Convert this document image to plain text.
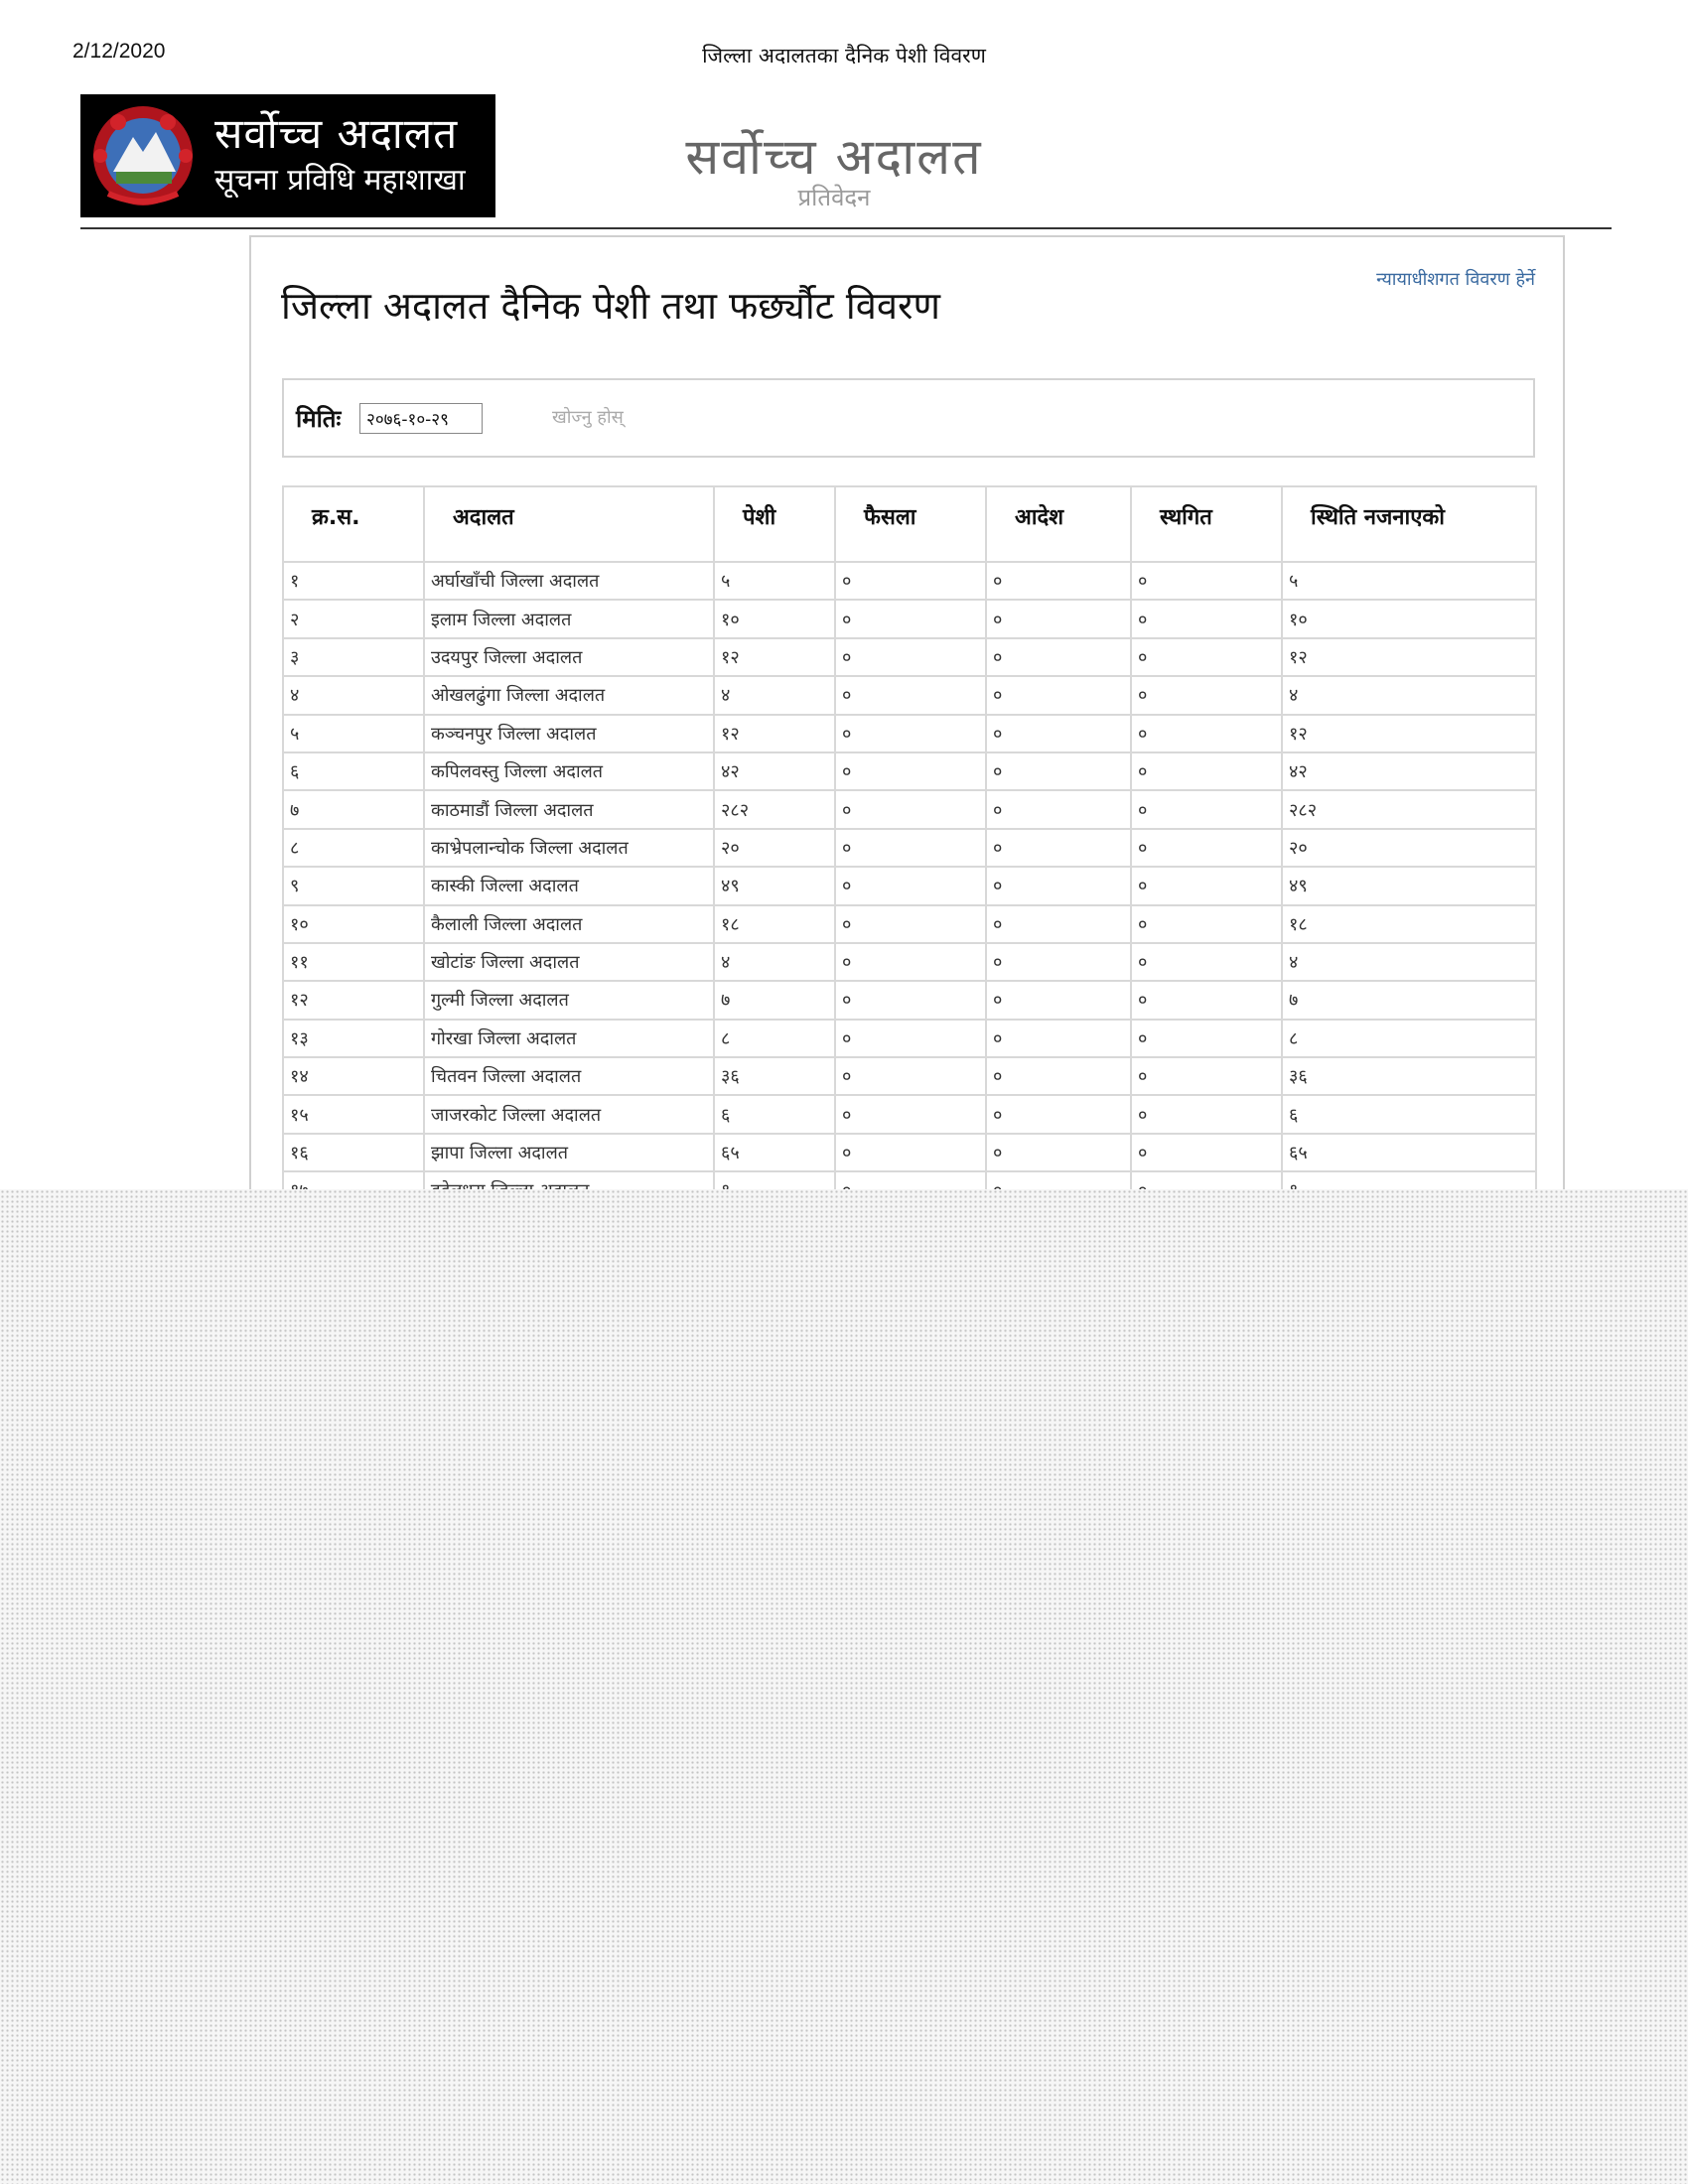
2/12/2020	जिल्ला अदालतका दैनिक पेशी विवरण
सर्वोच्च अदालत
सूचना प्रविधि महाशाखा	सर्वोच्च अदालत
प्रतिवेदन
न्यायाधीशगत विवरण हेर्ने
जिल्ला अदालत दैनिक पेशी तथा फर्छ्यौट विवरण
मितिः
२०७६-१०-२९	खोज्नु होस्
क्र.स.	अदालत	पेशी	फैसला	आदेश	स्थगित	स्थिति नजनाएको
१	अर्घाखाँची जिल्ला अदालत	५	०	०	०	५
२	इलाम जिल्ला अदालत	१०	०	०	०	१०
३	उदयपुर जिल्ला अदालत	१२	०	०	०	१२
४	ओखलढुंगा जिल्ला अदालत	४	०	०	०	४
५	कञ्चनपुर जिल्ला अदालत	१२	०	०	०	१२
६	कपिलवस्तु जिल्ला अदालत	४२	०	०	०	४२
७	काठमाडौं जिल्ला अदालत	२८२	०	०	०	२८२
८	काभ्रेपलान्चोक जिल्ला अदालत	२०	०	०	०	२०
९	कास्की जिल्ला अदालत	४९	०	०	०	४९
१०	कैलाली जिल्ला अदालत	१८	०	०	०	१८
११	खोटांङ जिल्ला अदालत	४	०	०	०	४
१२	गुल्मी जिल्ला अदालत	७	०	०	०	७
१३	गोरखा जिल्ला अदालत	८	०	०	०	८
१४	चितवन जिल्ला अदालत	३६	०	०	०	३६
१५	जाजरकोट जिल्ला अदालत	६	०	०	०	६
१६	झापा जिल्ला अदालत	६५	०	०	०	६५
